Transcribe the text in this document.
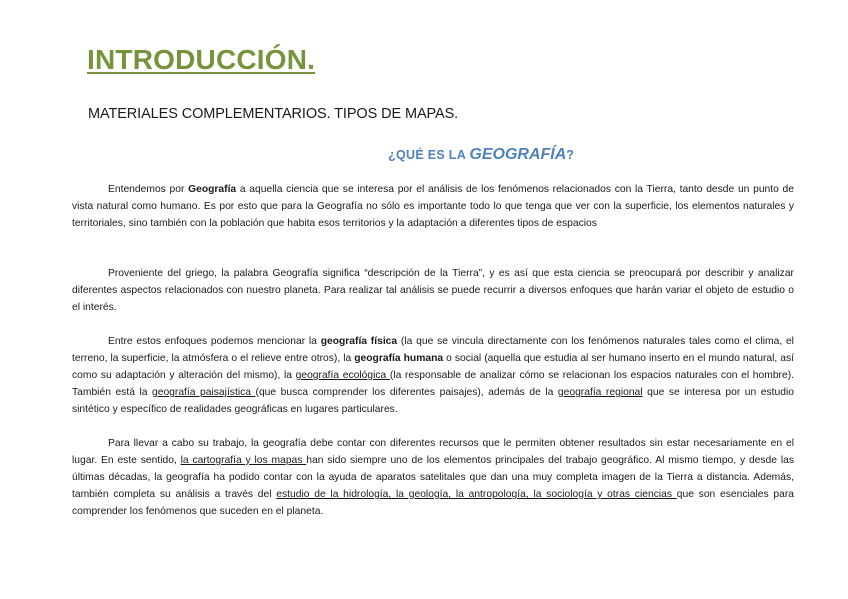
INTRODUCCIÓN.
MATERIALES COMPLEMENTARIOS. TIPOS DE MAPAS.
¿QUÉ ES LA GEOGRAFÍA?

Entendemos por Geografía a aquella ciencia que se interesa por el análisis de los fenómenos relacionados con la Tierra, tanto desde un punto de vista natural como humano. Es por esto que para la Geografía no sólo es importante todo lo que tenga que ver con la superficie, los elementos naturales y territoriales, sino también con la población que habita esos territorios y la adaptación a diferentes tipos de espacios

Proveniente del griego, la palabra Geografía significa “descripción de la Tierra”, y es así que esta ciencia se preocupará por describir y analizar diferentes aspectos relacionados con nuestro planeta. Para realizar tal análisis se puede recurrir a diversos enfoques que harán variar el objeto de estudio o el interés.

Entre estos enfoques podemos mencionar la geografía física (la que se vincula directamente con los fenómenos naturales tales como el clima, el terreno, la superficie, la atmósfera o el relieve entre otros), la geografía humana o social (aquella que estudia al ser humano inserto en el mundo natural, así como su adaptación y alteración del mismo), la geografía ecológica (la responsable de analizar cómo se relacionan los espacios naturales con el hombre). También está la geografía paisajística (que busca comprender los diferentes paisajes), además de la geografía regional que se interesa por un estudio sintético y específico de realidades geográficas en lugares particulares.

Para llevar a cabo su trabajo, la geografía debe contar con diferentes recursos que le permiten obtener resultados sin estar necesariamente en el lugar. En este sentido, la cartografía y los mapas han sido siempre uno de los elementos principales del trabajo geográfico. Al mismo tiempo, y desde las últimas décadas, la geografía ha podido contar con la ayuda de aparatos satelitales que dan una muy completa imagen de la Tierra a distancia. Además, también completa su análisis a través del estudio de la hidrología, la geología, la antropología, la sociología y otras ciencias que son esenciales para comprender los fenómenos que suceden en el planeta.
